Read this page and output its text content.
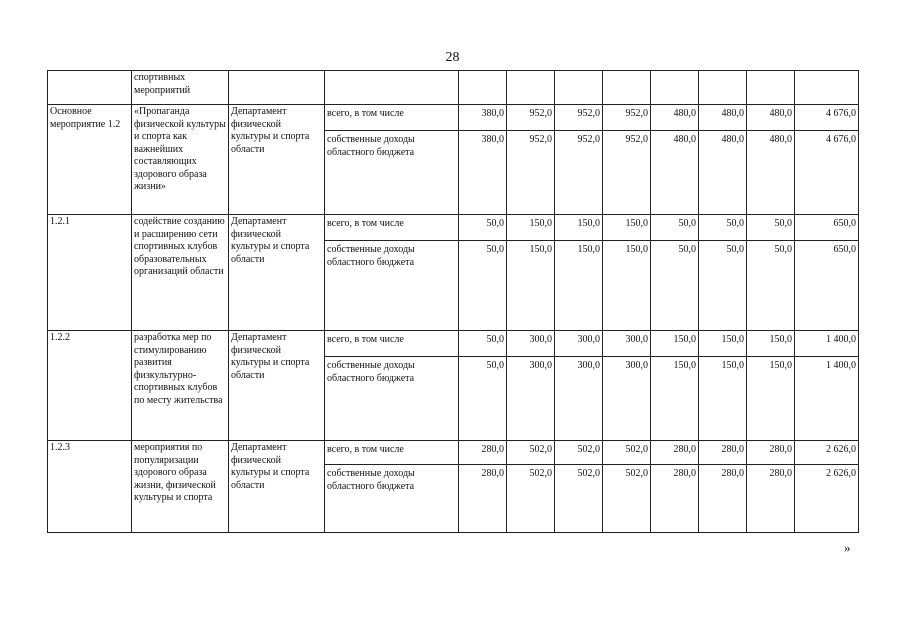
28
	спортивных мероприятий										
Основное мероприятие 1.2	«Пропаганда физической культуры и спорта как важнейших составляющих здорового образа жизни»	Департамент физической культуры и спорта области	всего, в том числе	380,0	952,0	952,0	952,0	480,0	480,0	480,0	4 676,0
			собственные доходы областного бюджета	380,0	952,0	952,0	952,0	480,0	480,0	480,0	4 676,0
1.2.1	содействие созданию и расширению сети спортивных клубов образовательных организаций области	Департамент физической культуры и спорта области	всего, в том числе	50,0	150,0	150,0	150,0	50,0	50,0	50,0	650,0
			собственные доходы областного бюджета	50,0	150,0	150,0	150,0	50,0	50,0	50,0	650,0
1.2.2	разработка мер по стимулированию развития физкультурно-спортивных клубов по месту жительства	Департамент физической культуры и спорта области	всего, в том числе	50,0	300,0	300,0	300,0	150,0	150,0	150,0	1 400,0
			собственные доходы областного бюджета	50,0	300,0	300,0	300,0	150,0	150,0	150,0	1 400,0
1.2.3	мероприятия по популяризации здорового образа жизни, физической культуры и спорта	Департамент физической культуры и спорта области	всего, в том числе	280,0	502,0	502,0	502,0	280,0	280,0	280,0	2 626,0
			собственные доходы областного бюджета	280,0	502,0	502,0	502,0	280,0	280,0	280,0	2 626,0
»
